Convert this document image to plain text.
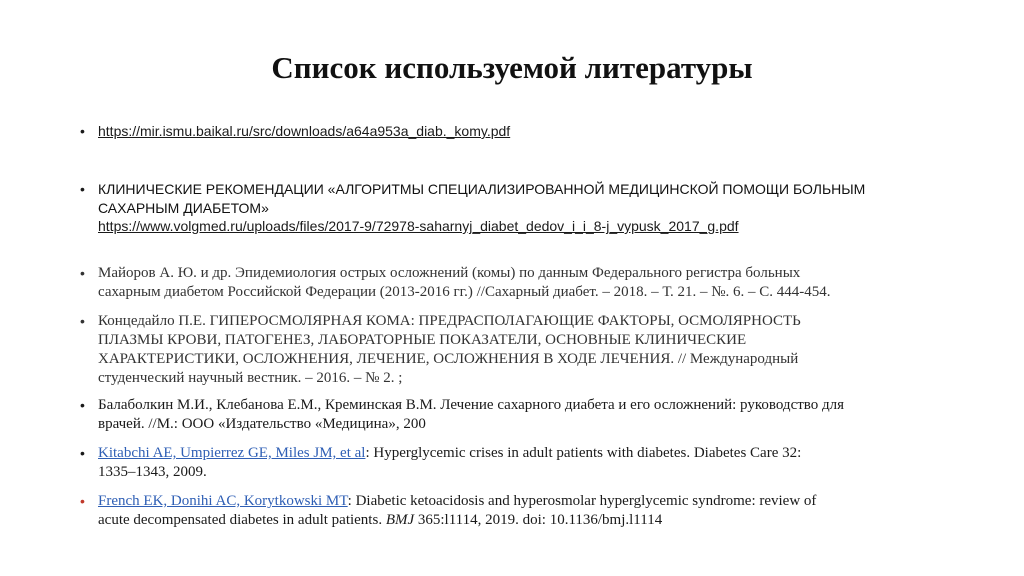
Список используемой литературы
• https://mir.ismu.baikal.ru/src/downloads/a64a953a_diab._komy.pdf
• КЛИНИЧЕСКИЕ РЕКОМЕНДАЦИИ «АЛГОРИТМЫ СПЕЦИАЛИЗИРОВАННОЙ МЕДИЦИНСКОЙ ПОМОЩИ БОЛЬНЫМ
САХАРНЫМ ДИАБЕТОМ»
https://www.volgmed.ru/uploads/files/2017-9/72978-saharnyj_diabet_dedov_i_i_8-j_vypusk_2017_g.pdf
• Майоров А. Ю. и др. Эпидемиология острых осложнений (комы) по данным Федерального регистра больных
сахарным диабетом Российской Федерации (2013-2016 гг.) //Сахарный диабет. – 2018. – Т. 21. – №. 6. – С. 444-454.
• Концедайло П.Е. ГИПЕРОСМОЛЯРНАЯ КОМА: ПРЕДРАСПОЛАГАЮЩИЕ ФАКТОРЫ, ОСМОЛЯРНОСТЬ
ПЛАЗМЫ КРОВИ, ПАТОГЕНЕЗ, ЛАБОРАТОРНЫЕ ПОКАЗАТЕЛИ, ОСНОВНЫЕ КЛИНИЧЕСКИЕ
ХАРАКТЕРИСТИКИ, ОСЛОЖНЕНИЯ, ЛЕЧЕНИЕ, ОСЛОЖНЕНИЯ В ХОДЕ ЛЕЧЕНИЯ. // Международный
студенческий научный вестник. – 2016. – № 2. ;
• Балаболкин М.И., Клебанова Е.М., Креминская В.М. Лечение сахарного диабета и его осложнений: руководство для
врачей. //М.: ООО «Издательство «Медицина», 200
• Kitabchi AE, Umpierrez GE, Miles JM, et al: Hyperglycemic crises in adult patients with diabetes. Diabetes Care 32:
1335–1343, 2009.
• French EK, Donihi AC, Korytkowski MT: Diabetic ketoacidosis and hyperosmolar hyperglycemic syndrome: review of
acute decompensated diabetes in adult patients. BMJ 365:l1114, 2019. doi: 10.1136/bmj.l1114
